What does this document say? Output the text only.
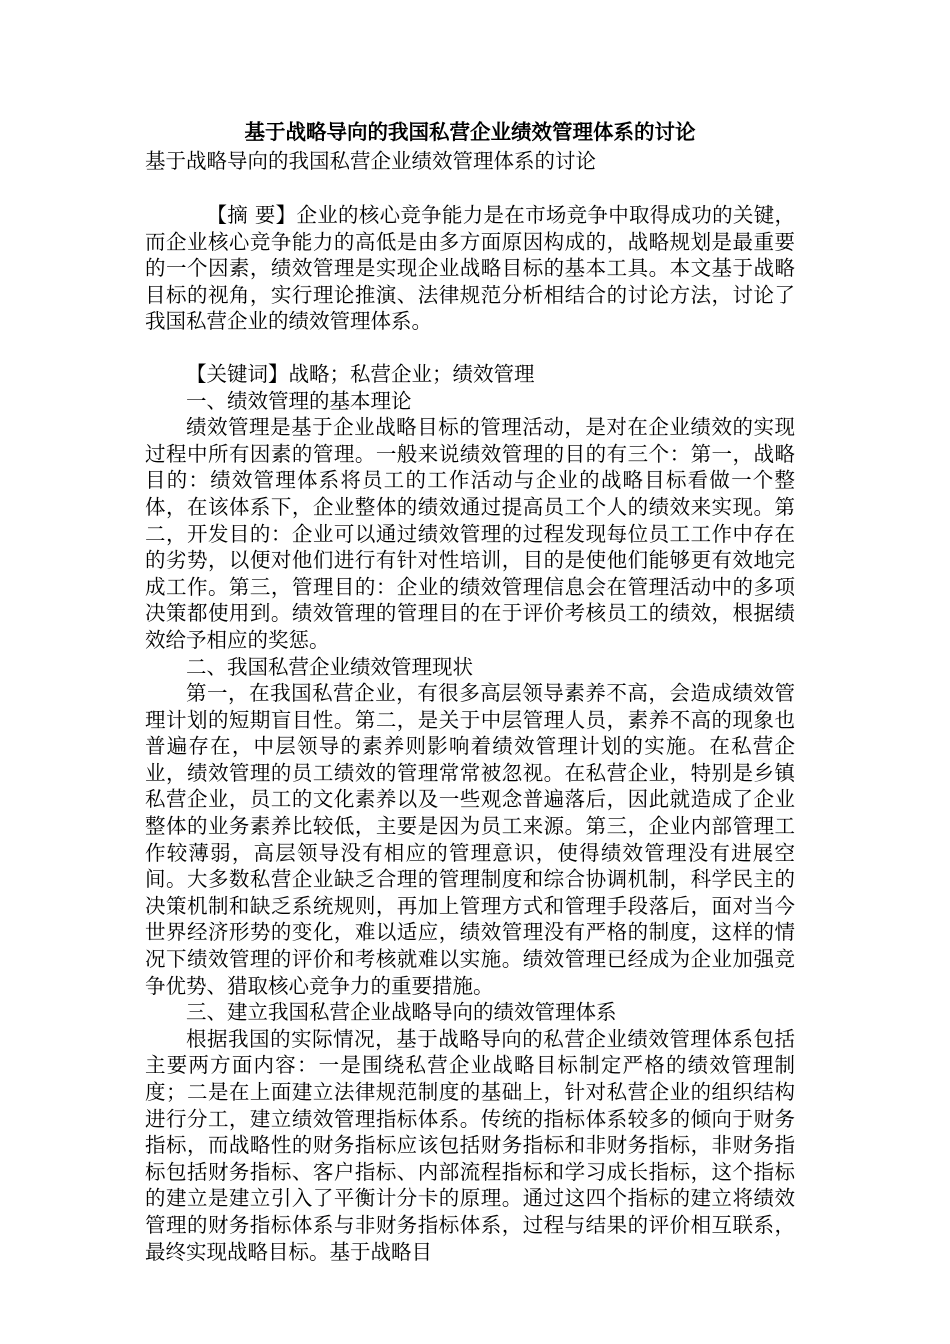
基于战略导向的我国私营企业绩效管理体系的讨论

基于战略导向的我国私营企业绩效管理体系的讨论

【摘 要】企业的核心竞争能力是在市场竞争中取得成功的关键，而企业核心竞争能力的高低是由多方面原因构成的，战略规划是最重要的一个因素，绩效管理是实现企业战略目标的基本工具。本文基于战略目标的视角，实行理论推演、法律规范分析相结合的讨论方法，讨论了我国私营企业的绩效管理体系。

【关键词】战略；私营企业；绩效管理

一、绩效管理的基本理论

绩效管理是基于企业战略目标的管理活动，是对在企业绩效的实现过程中所有因素的管理。一般来说绩效管理的目的有三个：第一，战略目的：绩效管理体系将员工的工作活动与企业的战略目标看做一个整体，在该体系下，企业整体的绩效通过提高员工个人的绩效来实现。第二，开发目的：企业可以通过绩效管理的过程发现每位员工工作中存在的劣势，以便对他们进行有针对性培训，目的是使他们能够更有效地完成工作。第三，管理目的：企业的绩效管理信息会在管理活动中的多项决策都使用到。绩效管理的管理目的在于评价考核员工的绩效，根据绩效给予相应的奖惩。

二、我国私营企业绩效管理现状

第一，在我国私营企业，有很多高层领导素养不高，会造成绩效管理计划的短期盲目性。第二，是关于中层管理人员，素养不高的现象也普遍存在，中层领导的素养则影响着绩效管理计划的实施。在私营企业，绩效管理的员工绩效的管理常常被忽视。在私营企业，特别是乡镇私营企业，员工的文化素养以及一些观念普遍落后，因此就造成了企业整体的业务素养比较低，主要是因为员工来源。第三，企业内部管理工作较薄弱，高层领导没有相应的管理意识，使得绩效管理没有进展空间。大多数私营企业缺乏合理的管理制度和综合协调机制，科学民主的决策机制和缺乏系统规则，再加上管理方式和管理手段落后，面对当今世界经济形势的变化，难以适应，绩效管理没有严格的制度，这样的情况下绩效管理的评价和考核就难以实施。绩效管理已经成为企业加强竞争优势、猎取核心竞争力的重要措施。

三、建立我国私营企业战略导向的绩效管理体系

根据我国的实际情况，基于战略导向的私营企业绩效管理体系包括主要两方面内容：一是围绕私营企业战略目标制定严格的绩效管理制度；二是在上面建立法律规范制度的基础上，针对私营企业的组织结构进行分工，建立绩效管理指标体系。传统的指标体系较多的倾向于财务指标，而战略性的财务指标应该包括财务指标和非财务指标，非财务指标包括财务指标、客户指标、内部流程指标和学习成长指标，这个指标的建立是建立引入了平衡计分卡的原理。通过这四个指标的建立将绩效管理的财务指标体系与非财务指标体系，过程与结果的评价相互联系，最终实现战略目标。基于战略目
